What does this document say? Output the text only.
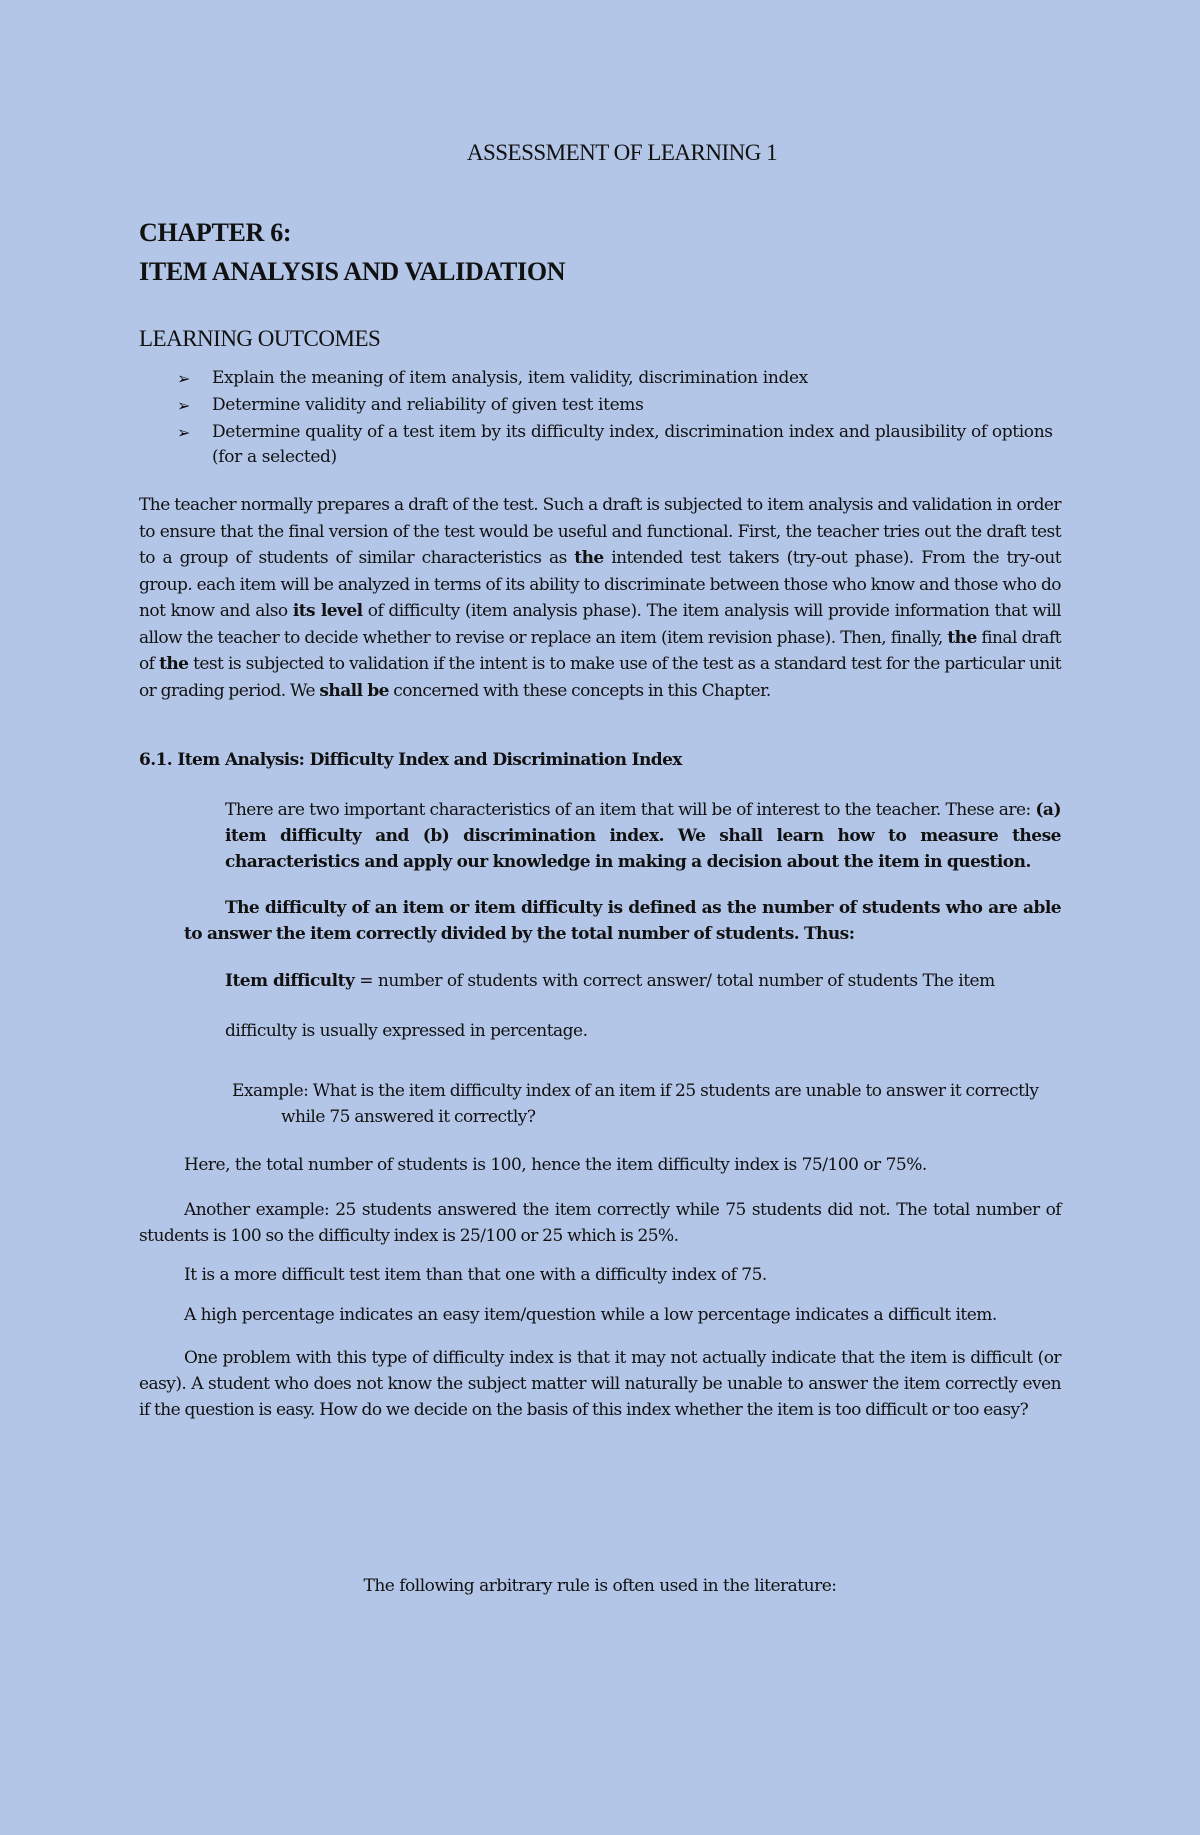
ASSESSMENT OF LEARNING 1
CHAPTER 6:
ITEM ANALYSIS AND VALIDATION
LEARNING OUTCOMES
➢ Explain the meaning of item analysis, item validity, discrimination index
➢ Determine validity and reliability of given test items
➢ Determine quality of a test item by its difficulty index, discrimination index and plausibility of options (for a selected)

The teacher normally prepares a draft of the test. Such a draft is subjected to item analysis and validation in order to ensure that the final version of the test would be useful and functional. First, the teacher tries out the draft test to a group of students of similar characteristics as the intended test takers (try-out phase). From the try-out group. each item will be analyzed in terms of its ability to discriminate between those who know and those who do not know and also its level of difficulty (item analysis phase). The item analysis will provide information that will allow the teacher to decide whether to revise or replace an item (item revision phase). Then, finally, the final draft of the test is subjected to validation if the intent is to make use of the test as a standard test for the particular unit or grading period. We shall be concerned with these concepts in this Chapter.

6.1. Item Analysis: Difficulty Index and Discrimination Index

There are two important characteristics of an item that will be of interest to the teacher. These are: (a) item difficulty and (b) discrimination index. We shall learn how to measure these characteristics and apply our knowledge in making a decision about the item in question.

The difficulty of an item or item difficulty is defined as the number of students who are able to answer the item correctly divided by the total number of students. Thus:

Item difficulty = number of students with correct answer/ total number of students The item

difficulty is usually expressed in percentage.

Example: What is the item difficulty index of an item if 25 students are unable to answer it correctly
while 75 answered it correctly?

Here, the total number of students is 100, hence the item difficulty index is 75/100 or 75%.

Another example: 25 students answered the item correctly while 75 students did not. The total number of students is 100 so the difficulty index is 25/100 or 25 which is 25%.

It is a more difficult test item than that one with a difficulty index of 75.

A high percentage indicates an easy item/question while a low percentage indicates a difficult item.

One problem with this type of difficulty index is that it may not actually indicate that the item is difficult (or easy). A student who does not know the subject matter will naturally be unable to answer the item correctly even if the question is easy. How do we decide on the basis of this index whether the item is too difficult or too easy?

The following arbitrary rule is often used in the literature:
